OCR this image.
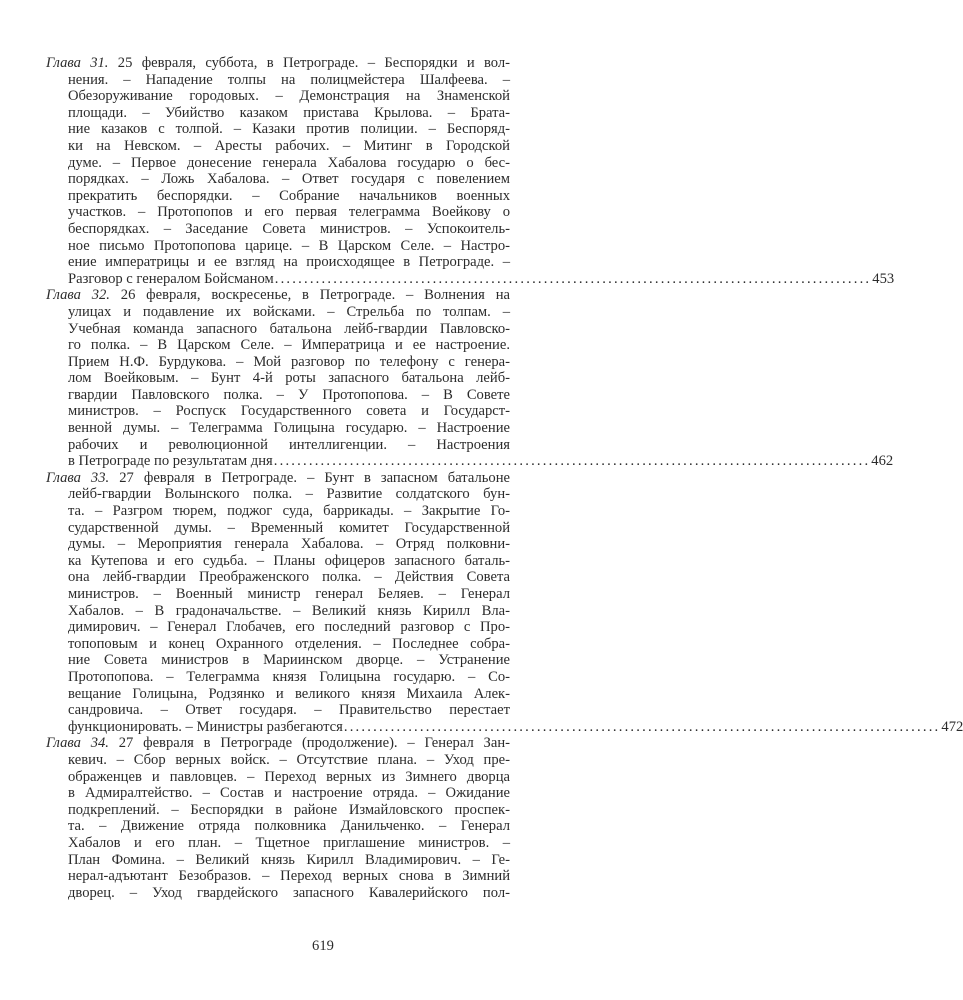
Глава 31. 25 февраля, суббота, в Петрограде. – Беспорядки и вол-
нения. – Нападение толпы на полицмейстера Шалфеева. –
Обезоруживание городовых. – Демонстрация на Знаменской
площади. – Убийство казаком пристава Крылова. – Брата-
ние казаков с толпой. – Казаки против полиции. – Беспоряд-
ки на Невском. – Аресты рабочих. – Митинг в Городской
думе. – Первое донесение генерала Хабалова государю о бес-
порядках. – Ложь Хабалова. – Ответ государя с повелением
прекратить беспорядки. – Собрание начальников военных
участков. – Протопопов и его первая телеграмма Воейкову о
беспорядках. – Заседание Совета министров. – Успокоитель-
ное письмо Протопопова царице. – В Царском Селе. – Настро-
ение императрицы и ее взгляд на происходящее в Петрограде. –
Разговор с генералом Бойсманом ...................................................................................................... 453
Глава 32. 26 февраля, воскресенье, в Петрограде. – Волнения на
улицах и подавление их войсками. – Стрельба по толпам. –
Учебная команда запасного батальона лейб-гвардии Павловско-
го полка. – В Царском Селе. – Императрица и ее настроение.
Прием Н.Ф. Бурдукова. – Мой разговор по телефону с генера-
лом Воейковым. – Бунт 4-й роты запасного батальона лейб-
гвардии Павловского полка. – У Протопопова. – В Совете
министров. – Роспуск Государственного совета и Государст-
венной думы. – Телеграмма Голицына государю. – Настроение
рабочих и революционной интеллигенции. – Настроения
в Петрограде по результатам дня ...................................................................................................... 462
Глава 33. 27 февраля в Петрограде. – Бунт в запасном батальоне
лейб-гвардии Волынского полка. – Развитие солдатского бун-
та. – Разгром тюрем, поджог суда, баррикады. – Закрытие Го-
сударственной думы. – Временный комитет Государственной
думы. – Мероприятия генерала Хабалова. – Отряд полковни-
ка Кутепова и его судьба. – Планы офицеров запасного баталь-
она лейб-гвардии Преображенского полка. – Действия Совета
министров. – Военный министр генерал Беляев. – Генерал
Хабалов. – В градоначальстве. – Великий князь Кирилл Вла-
димирович. – Генерал Глобачев, его последний разговор с Про-
топоповым и конец Охранного отделения. – Последнее собра-
ние Совета министров в Мариинском дворце. – Устранение
Протопопова. – Телеграмма князя Голицына государю. – Со-
вещание Голицына, Родзянко и великого князя Михаила Алек-
сандровича. – Ответ государя. – Правительство перестает
функционировать. – Министры разбегаются ...................................................................................................... 472
Глава 34. 27 февраля в Петрограде (продолжение). – Генерал Зан-
кевич. – Сбор верных войск. – Отсутствие плана. – Уход пре-
ображенцев и павловцев. – Переход верных из Зимнего дворца
в Адмиралтейство. – Состав и настроение отряда. – Ожидание
подкреплений. – Беспорядки в районе Измайловского проспек-
та. – Движение отряда полковника Данильченко. – Генерал
Хабалов и его план. – Тщетное приглашение министров. –
План Фомина. – Великий князь Кирилл Владимирович. – Ге-
нерал-адъютант Безобразов. – Переход верных снова в Зимний
дворец. – Уход гвардейского запасного Кавалерийского пол-
619
